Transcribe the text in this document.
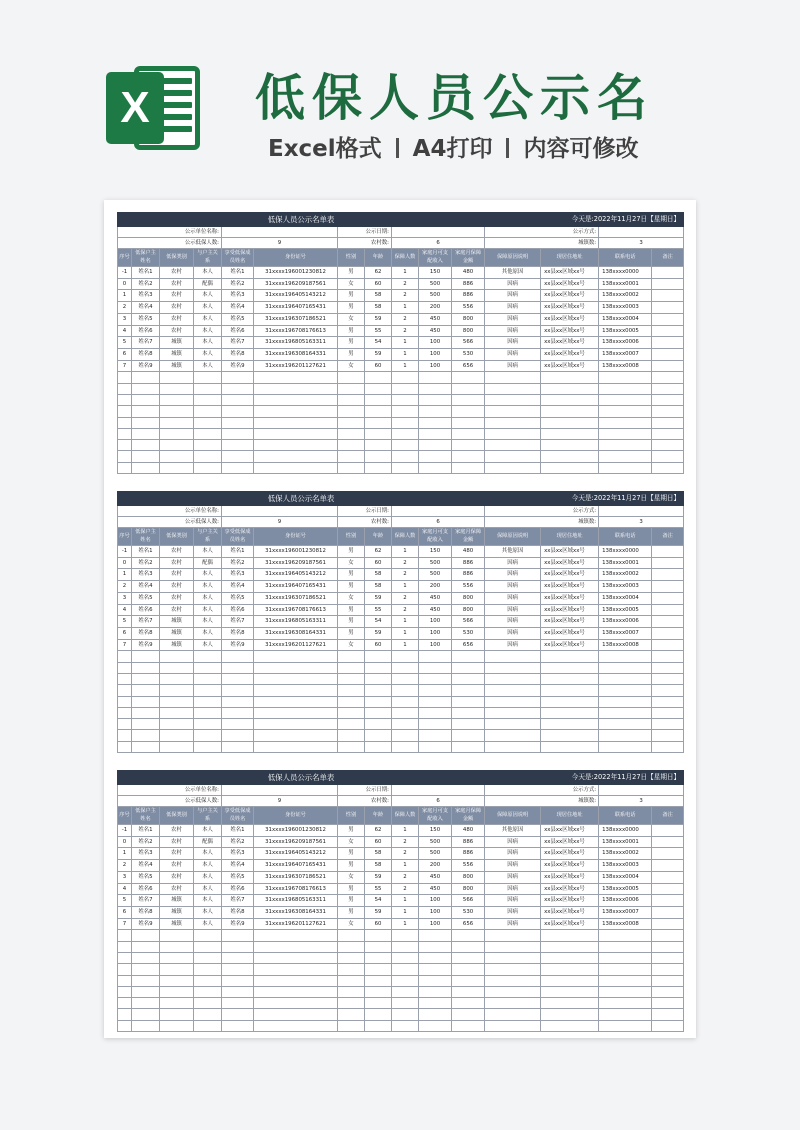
X 低保人员公示名
Excel格式 A4打印 内容可修改
低保人员公示名单表											今天是:2022年11月27日【星期日】			
公示单位名称:						公示日期:					公示方式:			
公示低保人数:				9		农村数:		6			城镇数:		3	
序号	低保户主姓名	低保类别	与户主关系	享受低保成员姓名	身份证号	性别	年龄	保障人数	家庭月可支配收入	家庭月保障金额	保障原因说明	现居住地址	联系电话	备注
-1	姓名1	农村	本人	姓名1	31xxxx19600123081​2	男	62	1	150	480	其他原因	xx县xx区域xx号	138xxxx0000	
0	姓名2	农村	配偶	姓名2	31xxxx196209187561	女	60	2	500	886	因病	xx县xx区域xx号	138xxxx0001	
1	姓名3	农村	本人	姓名3	31xxxx196405143212	男	58	2	500	886	因病	xx县xx区域xx号	138xxxx0002	
2	姓名4	农村	本人	姓名4	31xxxx196407165431	男	58	1	200	556	因病	xx县xx区域xx号	138xxxx0003	
3	姓名5	农村	本人	姓名5	31xxxx196307186521	女	59	2	450	800	因病	xx县xx区域xx号	138xxxx0004	
4	姓名6	农村	本人	姓名6	31xxxx196708176613	男	55	2	450	800	因病	xx县xx区域xx号	138xxxx0005	
5	姓名7	城镇	本人	姓名7	31xxxx196805163311	男	54	1	100	566	因病	xx县xx区域xx号	138xxxx0006	
6	姓名8	城镇	本人	姓名8	31xxxx196308164331	男	59	1	100	530	因病	xx县xx区域xx号	138xxxx0007	
7	姓名9	城镇	本人	姓名9	31xxxx196201127621	女	60	1	100	656	因病	xx县xx区域xx号	138xxxx0008	

低保人员公示名单表											今天是:2022年11月27日【星期日】			
公示单位名称:						公示日期:					公示方式:			
公示低保人数:				9		农村数:		6			城镇数:		3	
序号	低保户主姓名	低保类别	与户主关系	享受低保成员姓名	身份证号	性别	年龄	保障人数	家庭月可支配收入	家庭月保障金额	保障原因说明	现居住地址	联系电话	备注
-1	姓名1	农村	本人	姓名1	31xxxx19600123081​2	男	62	1	150	480	其他原因	xx县xx区域xx号	138xxxx0000	
0	姓名2	农村	配偶	姓名2	31xxxx196209187561	女	60	2	500	886	因病	xx县xx区域xx号	138xxxx0001	
1	姓名3	农村	本人	姓名3	31xxxx196405143212	男	58	2	500	886	因病	xx县xx区域xx号	138xxxx0002	
2	姓名4	农村	本人	姓名4	31xxxx196407165431	男	58	1	200	556	因病	xx县xx区域xx号	138xxxx0003	
3	姓名5	农村	本人	姓名5	31xxxx196307186521	女	59	2	450	800	因病	xx县xx区域xx号	138xxxx0004	
4	姓名6	农村	本人	姓名6	31xxxx196708176613	男	55	2	450	800	因病	xx县xx区域xx号	138xxxx0005	
5	姓名7	城镇	本人	姓名7	31xxxx196805163311	男	54	1	100	566	因病	xx县xx区域xx号	138xxxx0006	
6	姓名8	城镇	本人	姓名8	31xxxx196308164331	男	59	1	100	530	因病	xx县xx区域xx号	138xxxx0007	
7	姓名9	城镇	本人	姓名9	31xxxx196201127621	女	60	1	100	656	因病	xx县xx区域xx号	138xxxx0008	

低保人员公示名单表											今天是:2022年11月27日【星期日】			
公示单位名称:						公示日期:					公示方式:			
公示低保人数:				9		农村数:		6			城镇数:		3	
序号	低保户主姓名	低保类别	与户主关系	享受低保成员姓名	身份证号	性别	年龄	保障人数	家庭月可支配收入	家庭月保障金额	保障原因说明	现居住地址	联系电话	备注
-1	姓名1	农村	本人	姓名1	31xxxx19600123081​2	男	62	1	150	480	其他原因	xx县xx区域xx号	138xxxx0000	
0	姓名2	农村	配偶	姓名2	31xxxx196209187561	女	60	2	500	886	因病	xx县xx区域xx号	138xxxx0001	
1	姓名3	农村	本人	姓名3	31xxxx196405143212	男	58	2	500	886	因病	xx县xx区域xx号	138xxxx0002	
2	姓名4	农村	本人	姓名4	31xxxx196407165431	男	58	1	200	556	因病	xx县xx区域xx号	138xxxx0003	
3	姓名5	农村	本人	姓名5	31xxxx196307186521	女	59	2	450	800	因病	xx县xx区域xx号	138xxxx0004	
4	姓名6	农村	本人	姓名6	31xxxx196708176613	男	55	2	450	800	因病	xx县xx区域xx号	138xxxx0005	
5	姓名7	城镇	本人	姓名7	31xxxx196805163311	男	54	1	100	566	因病	xx县xx区域xx号	138xxxx0006	
6	姓名8	城镇	本人	姓名8	31xxxx196308164331	男	59	1	100	530	因病	xx县xx区域xx号	138xxxx0007	
7	姓名9	城镇	本人	姓名9	31xxxx196201127621	女	60	1	100	656	因病	xx县xx区域xx号	138xxxx0008	
